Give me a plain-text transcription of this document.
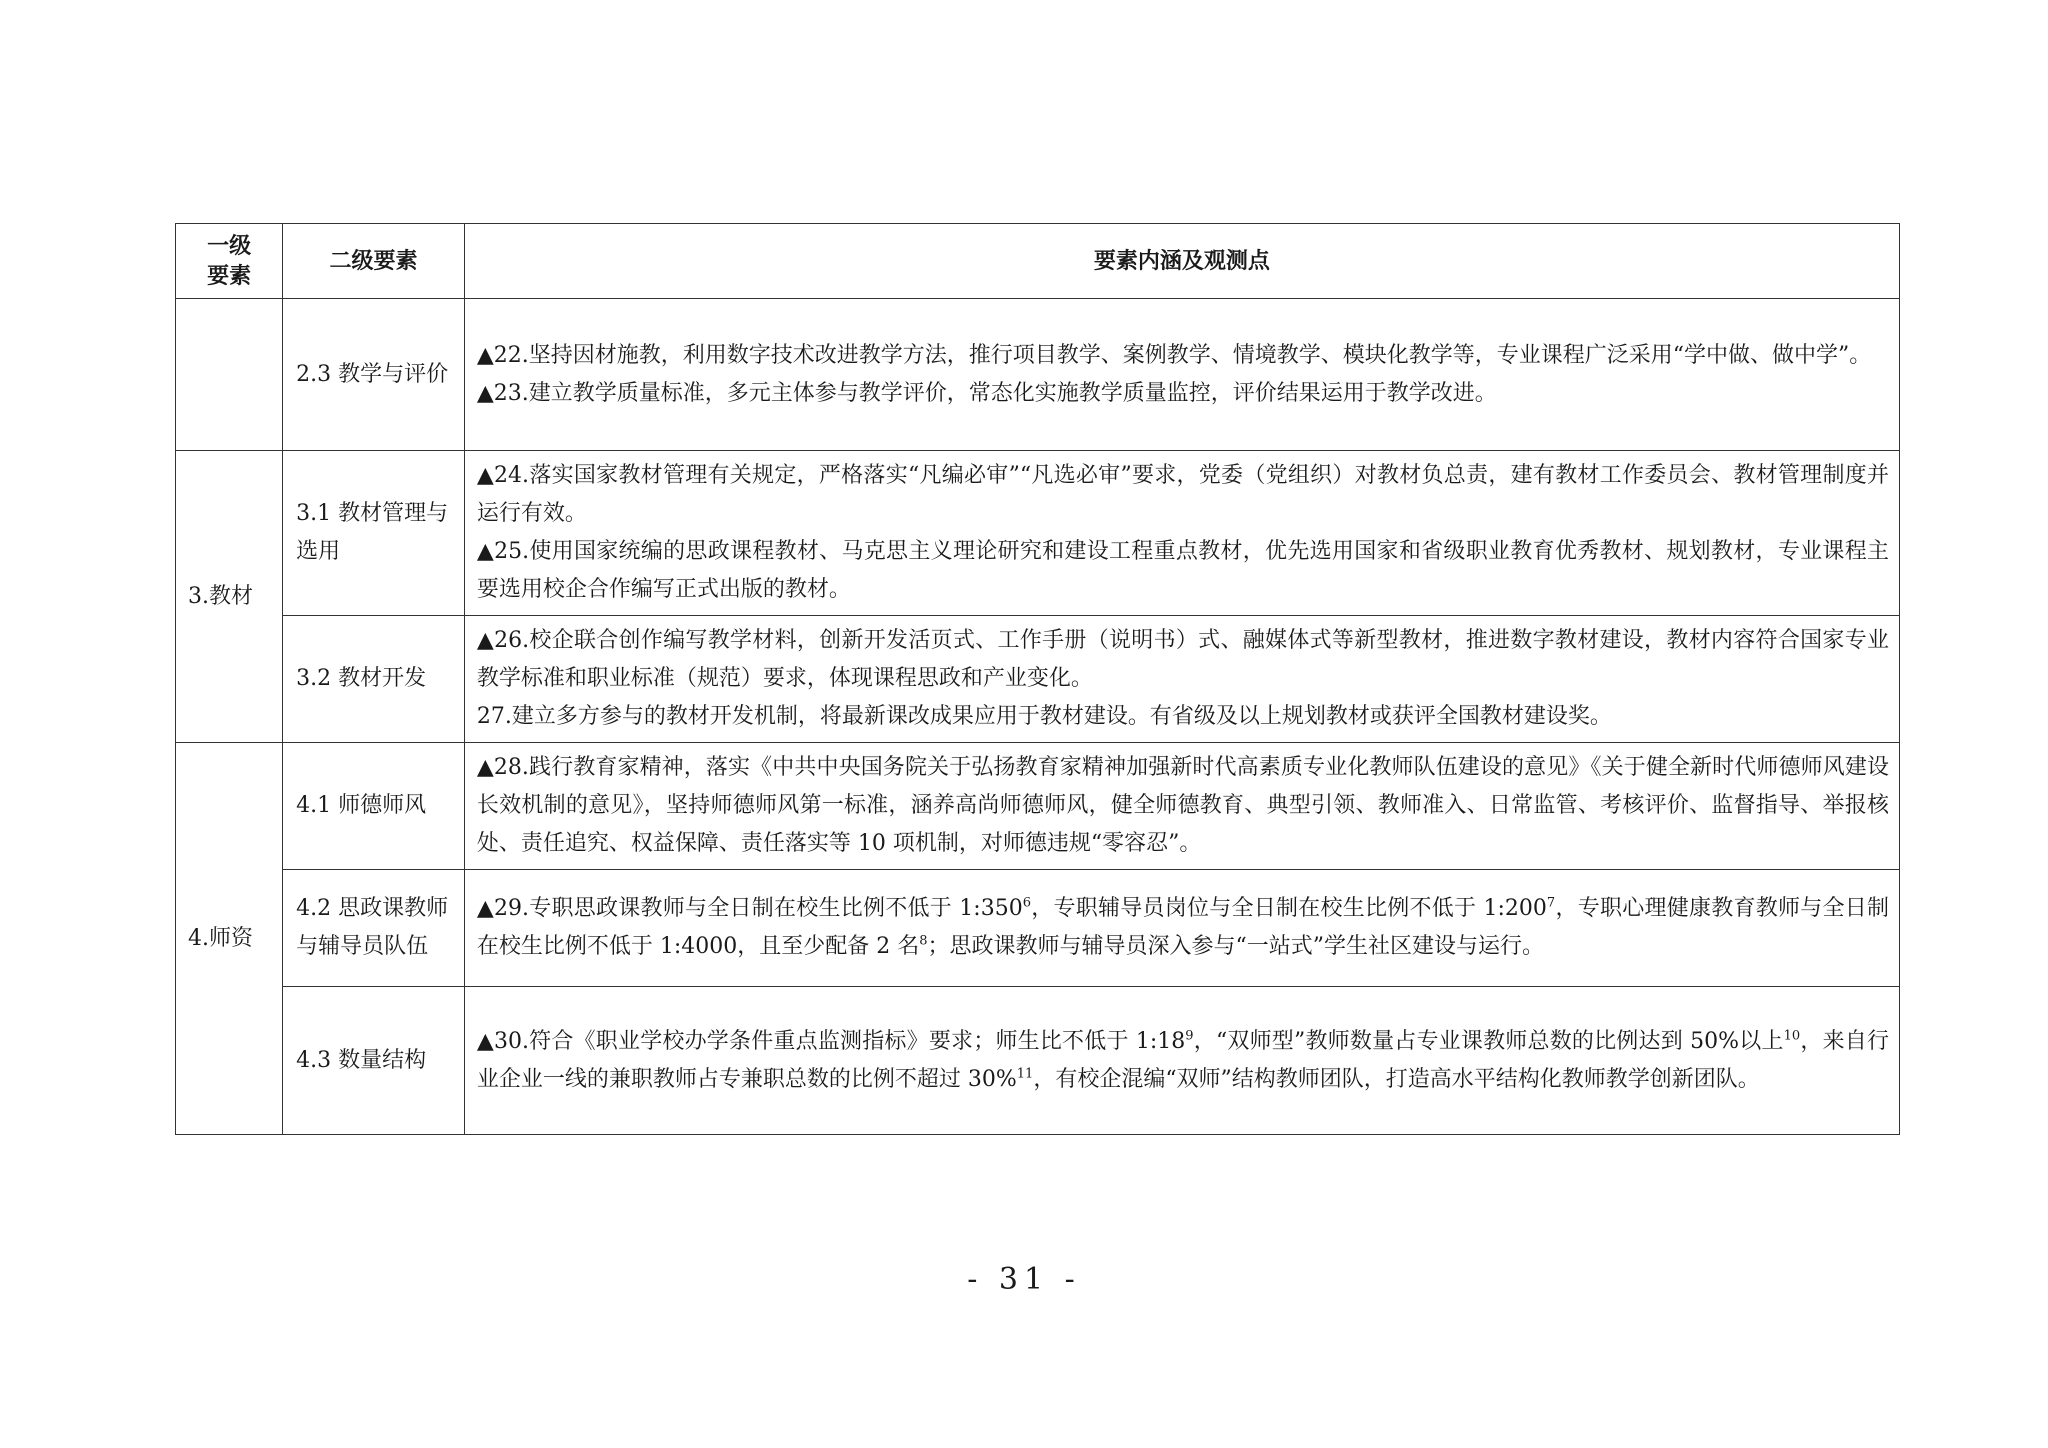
一级
要素	二级要素	要素内涵及观测点
	2.3 教学与评价	▲22.坚持因材施教，利用数字技术改进教学方法，推行项目教学、案例教学、情境教学、模块化教学等，专业课程广泛采用“学中做、做中学”。

▲23.建立教学质量标准，多元主体参与教学评价，常态化实施教学质量监控，评价结果运用于教学改进。

3.教材	3.1 教材管理与选用	▲24.落实国家教材管理有关规定，严格落实“凡编必审”“凡选必审”要求，党委（党组织）对教材负总责，建有教材工作委员会、教材管理制度并运行有效。

▲25.使用国家统编的思政课程教材、马克思主义理论研究和建设工程重点教材，优先选用国家和省级职业教育优秀教材、规划教材，专业课程主要选用校企合作编写正式出版的教材。

	3.2 教材开发	▲26.校企联合创作编写教学材料，创新开发活页式、工作手册（说明书）式、融媒体式等新型教材，推进数字教材建设，教材内容符合国家专业教学标准和职业标准（规范）要求，体现课程思政和产业变化。

27.建立多方参与的教材开发机制，将最新课改成果应用于教材建设。有省级及以上规划教材或获评全国教材建设奖。

4.师资	4.1 师德师风	▲28.践行教育家精神，落实《中共中央国务院关于弘扬教育家精神加强新时代高素质专业化教师队伍建设的意见》《关于健全新时代师德师风建设长效机制的意见》，坚持师德师风第一标准，涵养高尚师德师风，健全师德教育、典型引领、教师准入、日常监管、考核评价、监督指导、举报核处、责任追究、权益保障、责任落实等 10 项机制，对师德违规“零容忍”。

	4.2 思政课教师与辅导员队伍	▲29.专职思政课教师与全日制在校生比例不低于 $1:350^6$，专职辅导员岗位与全日制在校生比例不低于 $1:200^7$，专职心理健康教育教师与全日制在校生比例不低于 1:4000，且至少配备 2 名$^8$；思政课教师与辅导员深入参与“一站式”学生社区建设与运行。

	4.3 数量结构	▲30.符合《职业学校办学条件重点监测指标》要求；师生比不低于 $1:18^9$，“双师型”教师数量占专业课教师总数的比例达到 50%以上$^{10}$，来自行业企业一线的兼职教师占专兼职总数的比例不超过 30%$^{11}$，有校企混编“双师”结构教师团队，打造高水平结构化教师教学创新团队。

- 31 -
